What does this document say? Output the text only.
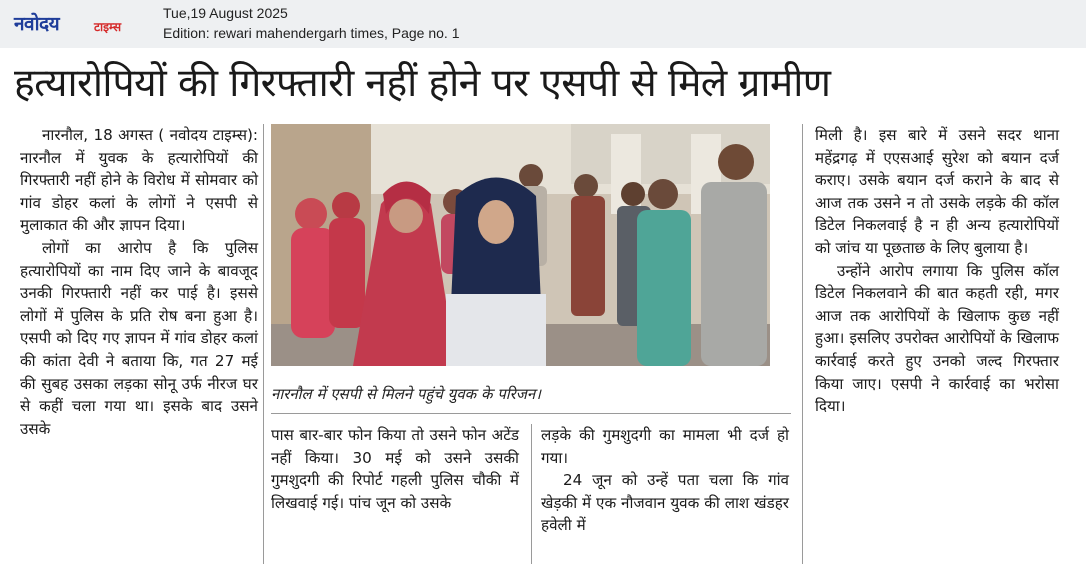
नवोदय	टाइम्स
Tue,19 August 2025
Edition: rewari mahendergarh times, Page no. 1
हत्यारोपियों की गिरफ्तारी नहीं होने पर एसपी से मिले ग्रामीण

नारनौल, 18 अगस्त ( नवोदय टाइम्स): नारनौल में युवक के हत्यारोपियों की गिरफ्तारी नहीं होने के विरोध में सोमवार को गांव डोहर कलां के लोगों ने एसपी से मुलाकात की और ज्ञापन दिया।

लोगों का आरोप है कि पुलिस हत्यारोपियों का नाम दिए जाने के बावजूद उनकी गिरफ्तारी नहीं कर पाई है। इससे लोगों में पुलिस के प्रति रोष बना हुआ है। एसपी को दिए गए ज्ञापन में गांव डोहर कलां की कांता देवी ने बताया कि, गत 27 मई की सुबह उसका लड़का सोनू उर्फ नीरज घर से कहीं चला गया था। इसके बाद उसने उसके

नारनौल में एसपी से मिलने पहुंचे युवक के परिजन।

पास बार-बार फोन किया तो उसने फोन अटेंड नहीं किया। 30 मई को उसने उसकी गुमशुदगी की रिपोर्ट गहली पुलिस चौकी में लिखवाई गई। पांच जून को उसके

लड़के की गुमशुदगी का मामला भी दर्ज हो गया।

24 जून को उन्हें पता चला कि गांव खेड़की में एक नौजवान युवक की लाश खंडहर हवेली में

मिली है। इस बारे में उसने सदर थाना महेंद्रगढ़ में एएसआई सुरेश को बयान दर्ज कराए। उसके बयान दर्ज कराने के बाद से आज तक उसने न तो उसके लड़के की कॉल डिटेल निकलवाई है न ही अन्य हत्यारोपियों को जांच या पूछताछ के लिए बुलाया है।

उन्होंने आरोप लगाया कि पुलिस कॉल डिटेल निकलवाने की बात कहती रही, मगर आज तक आरोपियों के खिलाफ कुछ नहीं हुआ। इसलिए उपरोक्त आरोपियों के खिलाफ कार्रवाई करते हुए उनको जल्द गिरफ्तार किया जाए। एसपी ने कार्रवाई का भरोसा दिया।
